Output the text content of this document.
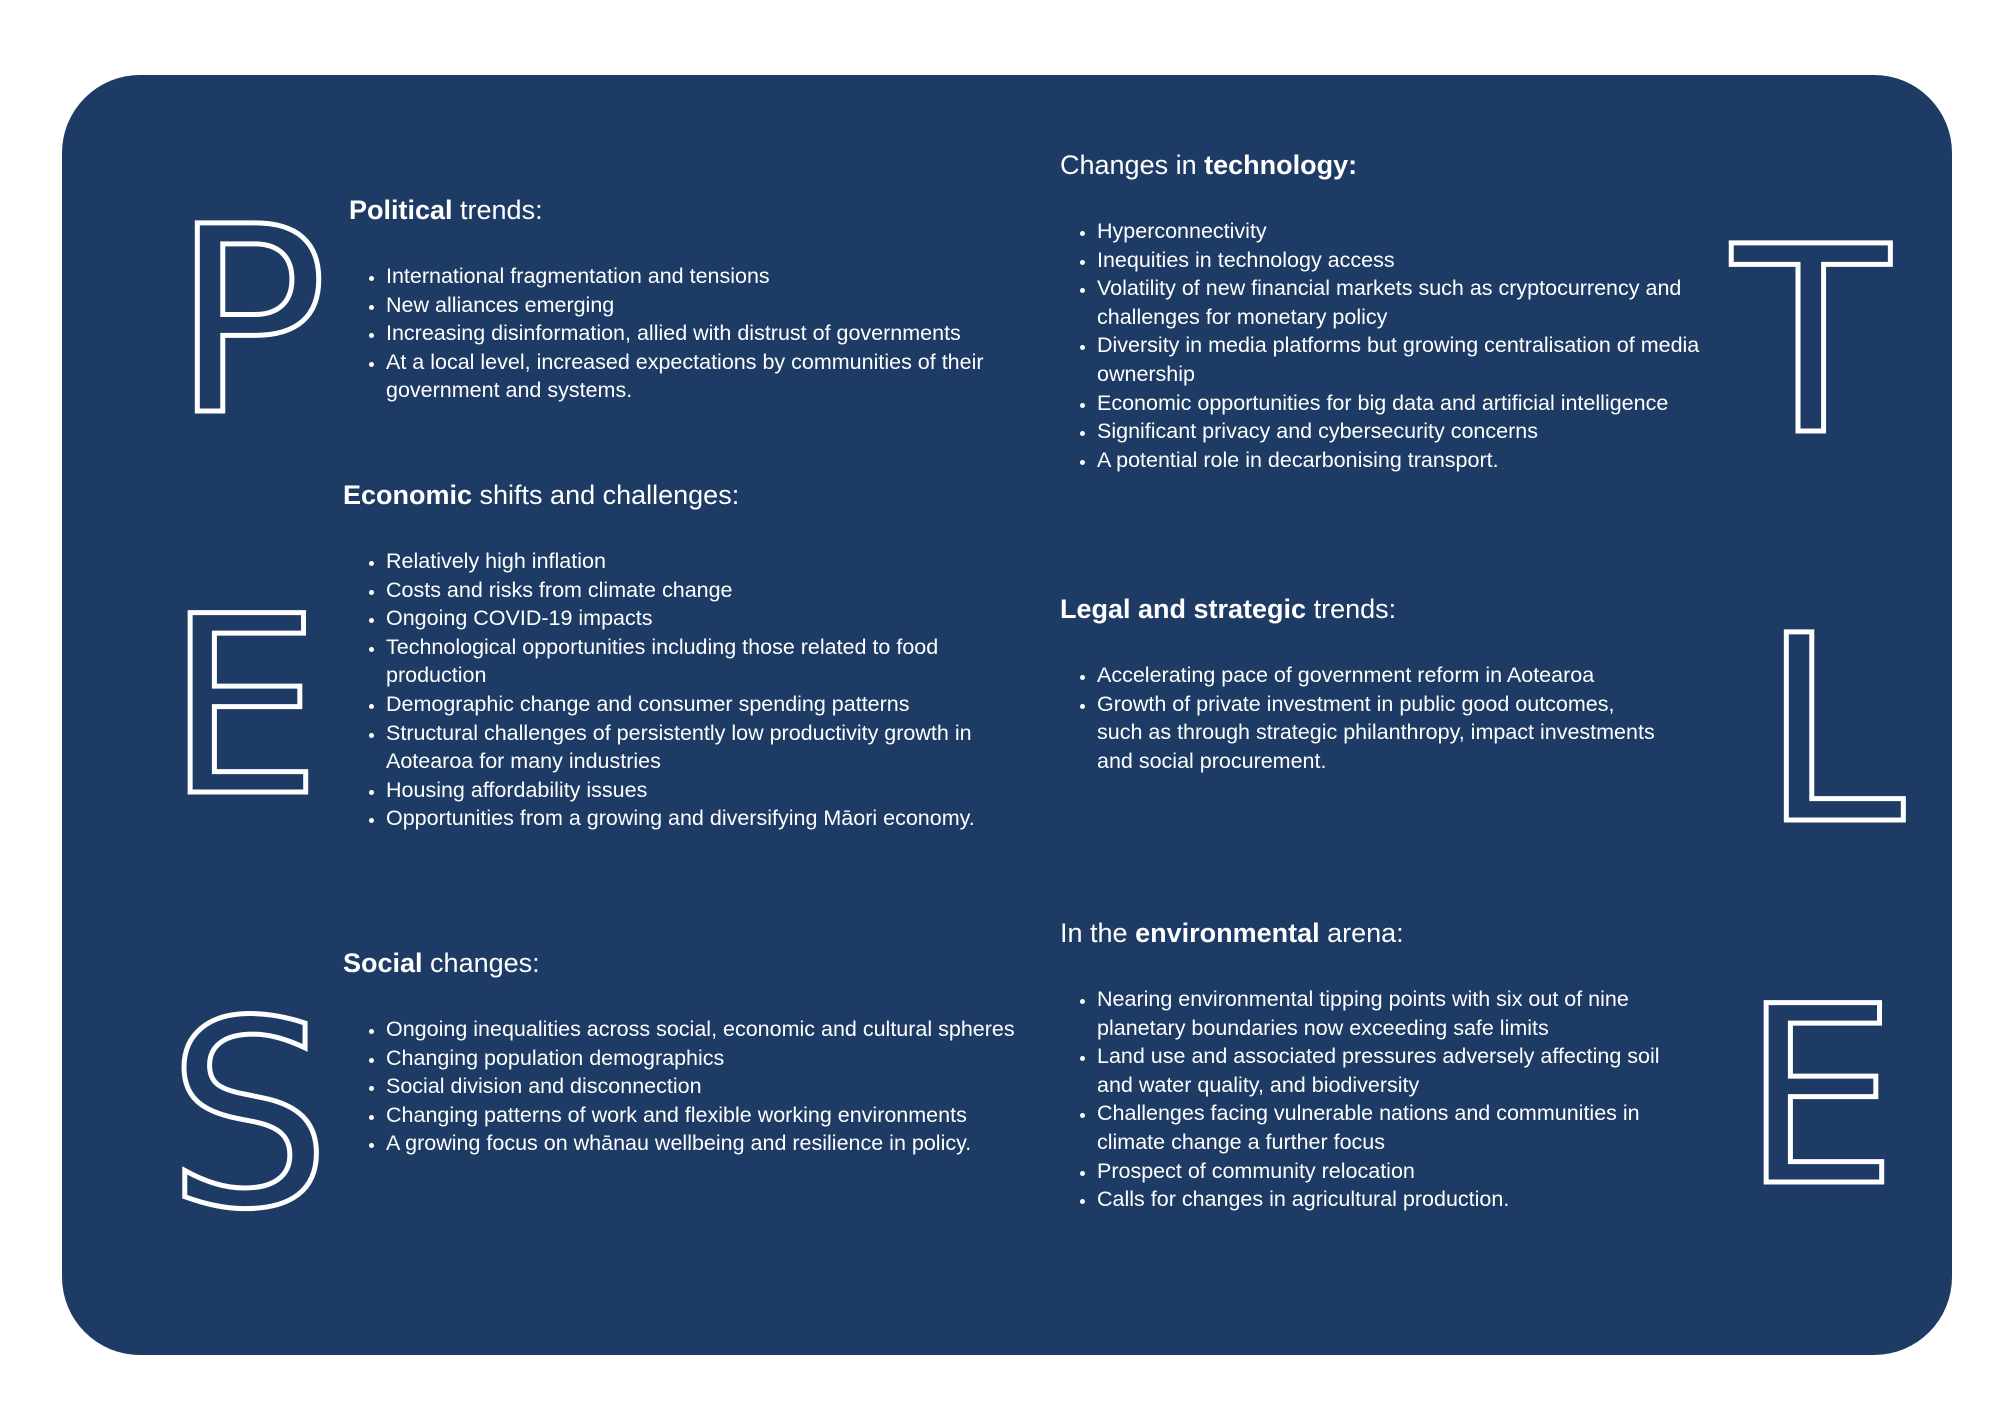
P
E
S
T
L
E
Political trends:
• International fragmentation and tensions
• New alliances emerging
• Increasing disinformation, allied with distrust of governments
• At a local level, increased expectations by communities of their government and systems.
Economic shifts and challenges:
• Relatively high inflation
• Costs and risks from climate change
• Ongoing COVID-19 impacts
• Technological opportunities including those related to food production
• Demographic change and consumer spending patterns
• Structural challenges of persistently low productivity growth in Aotearoa for many industries
• Housing affordability issues
• Opportunities from a growing and diversifying Māori economy.
Social changes:
• Ongoing inequalities across social, economic and cultural spheres
• Changing population demographics
• Social division and disconnection
• Changing patterns of work and flexible working environments
• A growing focus on whānau wellbeing and resilience in policy.
Changes in technology:
• Hyperconnectivity
• Inequities in technology access
• Volatility of new financial markets such as cryptocurrency and challenges for monetary policy
• Diversity in media platforms but growing centralisation of media ownership
• Economic opportunities for big data and artificial intelligence
• Significant privacy and cybersecurity concerns
• A potential role in decarbonising transport.
Legal and strategic trends:
• Accelerating pace of government reform in Aotearoa
• Growth of private investment in public good outcomes, such as through strategic philanthropy, impact investments and social procurement.
In the environmental arena:
• Nearing environmental tipping points with six out of nine planetary boundaries now exceeding safe limits
• Land use and associated pressures adversely affecting soil and water quality, and biodiversity
• Challenges facing vulnerable nations and communities in climate change a further focus
• Prospect of community relocation
• Calls for changes in agricultural production.
